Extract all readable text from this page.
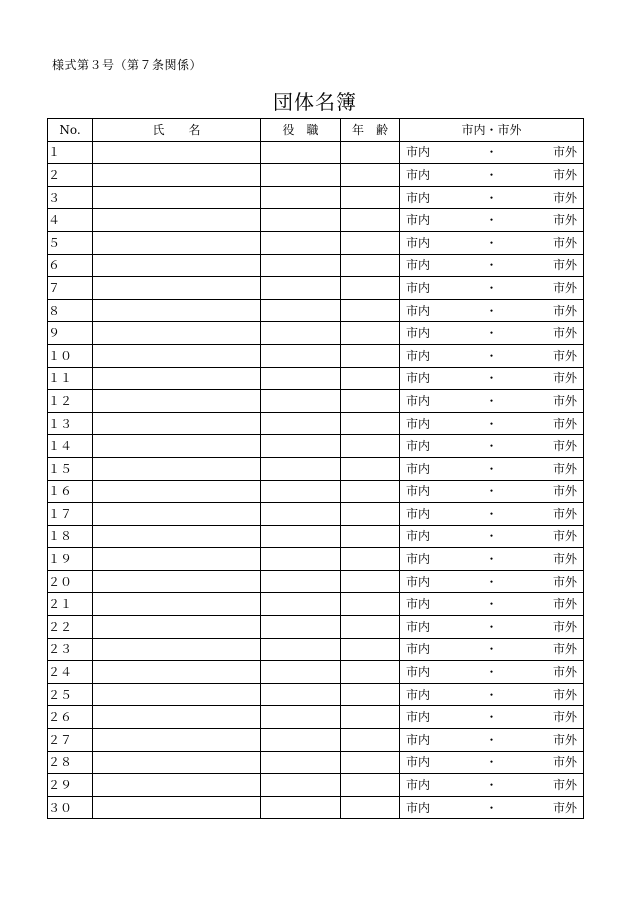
様式第３号（第７条関係）
団体名簿
No.	氏　　名	役　職	年　齢	市内・市外
１				市内 ・ 市外

２				市内 ・ 市外

３				市内 ・ 市外

４				市内 ・ 市外

５				市内 ・ 市外

６				市内 ・ 市外

７				市内 ・ 市外

８				市内 ・ 市外

９				市内 ・ 市外

１０				市内 ・ 市外

１１				市内 ・ 市外

１２				市内 ・ 市外

１３				市内 ・ 市外

１４				市内 ・ 市外

１５				市内 ・ 市外

１６				市内 ・ 市外

１７				市内 ・ 市外

１８				市内 ・ 市外

１９				市内 ・ 市外

２０				市内 ・ 市外

２１				市内 ・ 市外

２２				市内 ・ 市外

２３				市内 ・ 市外

２４				市内 ・ 市外

２５				市内 ・ 市外

２６				市内 ・ 市外

２７				市内 ・ 市外

２８				市内 ・ 市外

２９				市内 ・ 市外

３０				市内 ・ 市外
